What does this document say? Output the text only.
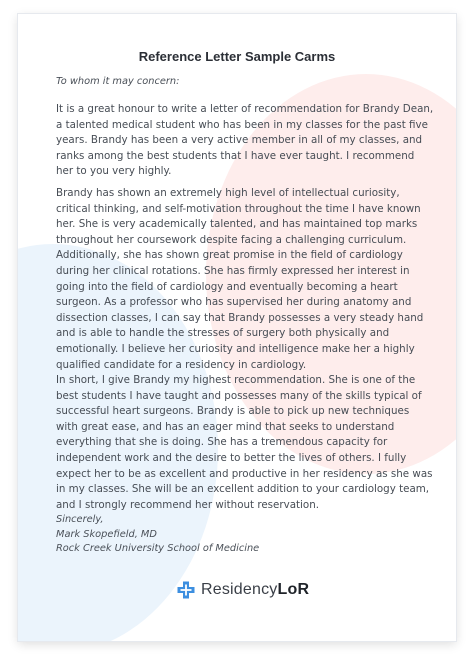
Reference Letter Sample Carms
To whom it may concern:

It is a great honour to write a letter of recommendation for Brandy Dean, a talented medical student who has been in my classes for the past five years. Brandy has been a very active member in all of my classes, and ranks among the best students that I have ever taught. I recommend her to you very highly.

Brandy has shown an extremely high level of intellectual curiosity, critical thinking, and self-motivation throughout the time I have known her. She is very academically talented, and has maintained top marks throughout her coursework despite facing a challenging curriculum. Additionally, she has shown great promise in the field of cardiology during her clinical rotations. She has firmly expressed her interest in going into the field of cardiology and eventually becoming a heart surgeon. As a professor who has supervised her during anatomy and dissection classes, I can say that Brandy possesses a very steady hand and is able to handle the stresses of surgery both physically and emotionally. I believe her curiosity and intelligence make her a highly qualified candidate for a residency in cardiology.

In short, I give Brandy my highest recommendation. She is one of the best students I have taught and possesses many of the skills typical of successful heart surgeons. Brandy is able to pick up new techniques with great ease, and has an eager mind that seeks to understand everything that she is doing. She has a tremendous capacity for independent work and the desire to better the lives of others. I fully expect her to be as excellent and productive in her residency as she was in my classes. She will be an excellent addition to your cardiology team, and I strongly recommend her without reservation.

Sincerely,
Mark Skopefield, MD
Rock Creek University School of Medicine
ResidencyLoR
